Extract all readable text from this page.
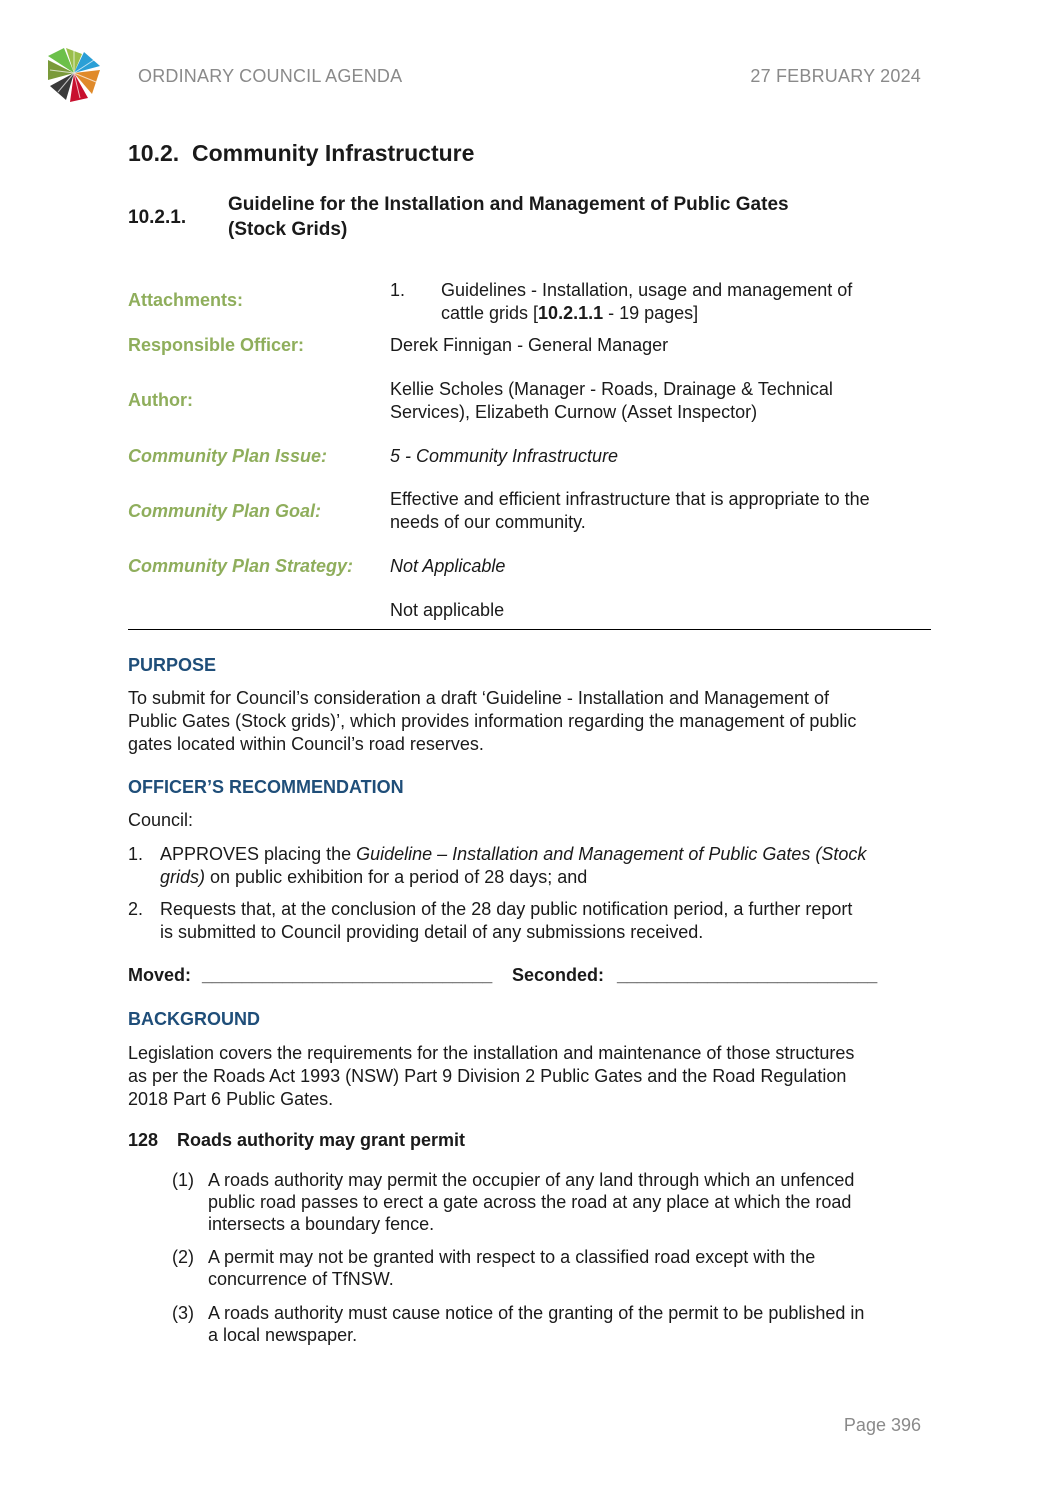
ORDINARY COUNCIL AGENDA	27 FEBRUARY 2024
10.2. Community Infrastructure
10.2.1.
Guideline for the Installation and Management of Public Gates
(Stock Grids)
Attachments:	1. Guidelines - Installation, usage and management of
cattle grids [10.2.1.1 - 19 pages]
Responsible Officer:	Derek Finnigan - General Manager
Author:
Kellie Scholes (Manager - Roads, Drainage & Technical
Services), Elizabeth Curnow (Asset Inspector)
Community Plan Issue:	5 - Community Infrastructure
Community Plan Goal:
Effective and efficient infrastructure that is appropriate to the
needs of our community.
Community Plan Strategy: Not Applicable
Not applicable
PURPOSE
To submit for Council’s consideration a draft ‘Guideline - Installation and Management of
Public Gates (Stock grids)’, which provides information regarding the management of public
gates located within Council’s road reserves.
OFFICER’S RECOMMENDATION
Council:
1. APPROVES placing the Guideline – Installation and Management of Public Gates (Stock
grids) on public exhibition for a period of 28 days; and
2. Requests that, at the conclusion of the 28 day public notification period, a further report
is submitted to Council providing detail of any submissions received.
Moved: _____________________________ Seconded: __________________________
BACKGROUND
Legislation covers the requirements for the installation and maintenance of those structures
as per the Roads Act 1993 (NSW) Part 9 Division 2 Public Gates and the Road Regulation
2018 Part 6 Public Gates.
128 Roads authority may grant permit
(1) A roads authority may permit the occupier of any land through which an unfenced
public road passes to erect a gate across the road at any place at which the road
intersects a boundary fence.
(2) A permit may not be granted with respect to a classified road except with the
concurrence of TfNSW.
(3) A roads authority must cause notice of the granting of the permit to be published in
a local newspaper.
Page 396
